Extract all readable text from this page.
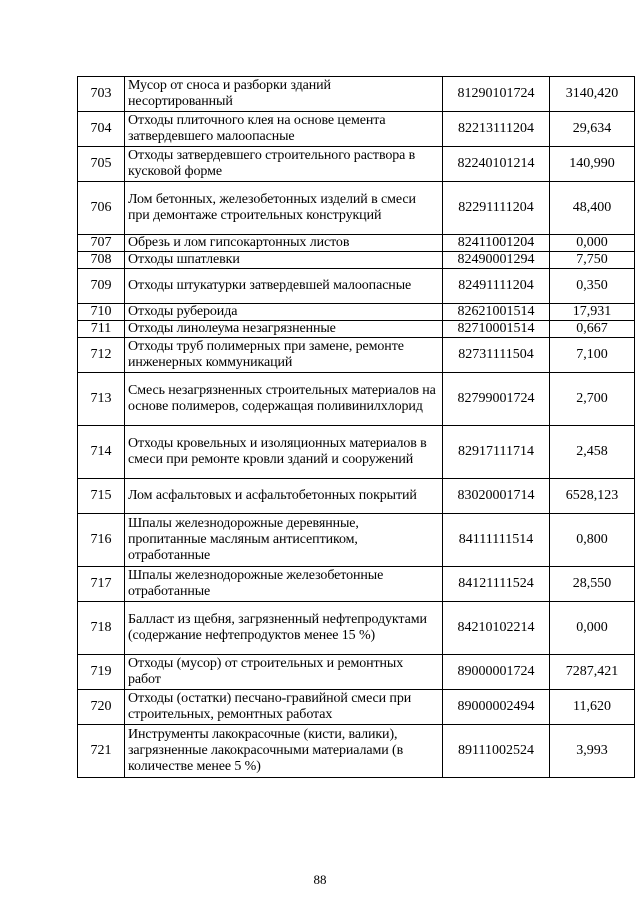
703	Мусор от сноса и разборки зданий несортированный	81290101724	3140,420
704	Отходы плиточного клея на основе цемента затвердевшего малоопасные	82213111204	29,634
705	Отходы затвердевшего строительного раствора в кусковой форме	82240101214	140,990
706	Лом бетонных, железобетонных изделий в смеси при демонтаже строительных конструкций	82291111204	48,400
707	Обрезь и лом гипсокартонных листов	82411001204	0,000
708	Отходы шпатлевки	82490001294	7,750
709	Отходы штукатурки затвердевшей малоопасные	82491111204	0,350
710	Отходы рубероида	82621001514	17,931
711	Отходы линолеума незагрязненные	82710001514	0,667
712	Отходы труб полимерных при замене, ремонте инженерных коммуникаций	82731111504	7,100
713	Смесь незагрязненных строительных материалов на основе полимеров, содержащая поливинилхлорид	82799001724	2,700
714	Отходы кровельных и изоляционных материалов в смеси при ремонте кровли зданий и сооружений	82917111714	2,458
715	Лом асфальтовых и асфальтобетонных покрытий	83020001714	6528,123
716	Шпалы железнодорожные деревянные, пропитанные масляным антисептиком, отработанные	84111111514	0,800
717	Шпалы железнодорожные железобетонные отработанные	84121111524	28,550
718	Балласт из щебня, загрязненный нефтепродуктами (содержание нефтепродуктов менее 15 %)	84210102214	0,000
719	Отходы (мусор) от строительных и ремонтных работ	89000001724	7287,421
720	Отходы (остатки) песчано-гравийной смеси при строительных, ремонтных работах	89000002494	11,620
721	Инструменты лакокрасочные (кисти, валики), загрязненные лакокрасочными материалами (в количестве менее 5 %)	89111002524	3,993
88
